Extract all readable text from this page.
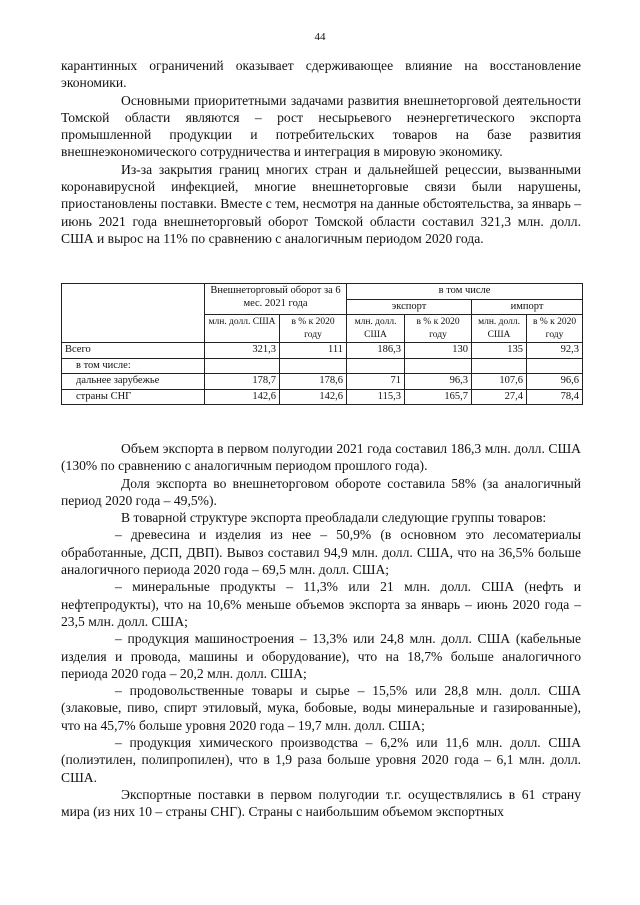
44

карантинных ограничений оказывает сдерживающее влияние на восстановление экономики.

Основными приоритетными задачами развития внешнеторговой деятельности Томской области являются – рост несырьевого неэнергетического экспорта промышленной продукции и потребительских товаров на базе развития внешнеэкономического сотрудничества и интеграция в мировую экономику.

Из-за закрытия границ многих стран и дальнейшей рецессии, вызванными коронавирусной инфекцией, многие внешнеторговые связи были нарушены, приостановлены поставки. Вместе с тем, несмотря на данные обстоятельства, за январь – июнь 2021 года внешнеторговый оборот Томской области составил 321,3 млн. долл. США и вырос на 11% по сравнению с аналогичным периодом 2020 года.

	Внешнеторговый оборот за 6 мес. 2021 года		в том числе			
			экспорт		импорт	
	млн. долл. США	в % к 2020 году	млн. долл. США	в % к 2020 году	млн. долл. США	в % к 2020 году
Всего	321,3	111	186,3	130	135	92,3
в том числе:						
дальнее зарубежье	178,7	178,6	71	96,3	107,6	96,6
страны СНГ	142,6	142,6	115,3	165,7	27,4	78,4

Объем экспорта в первом полугодии 2021 года составил 186,3 млн. долл. США (130% по сравнению с аналогичным периодом прошлого года).

Доля экспорта во внешнеторговом обороте составила 58% (за аналогичный период 2020 года – 49,5%).

В товарной структуре экспорта преобладали следующие группы товаров:

– древесина и изделия из нее – 50,9% (в основном это лесоматериалы обработанные, ДСП, ДВП). Вывоз составил 94,9 млн. долл. США, что на 36,5% больше аналогичного периода 2020 года – 69,5 млн. долл. США;

– минеральные продукты – 11,3% или 21 млн. долл. США (нефть и нефтепродукты), что на 10,6% меньше объемов экспорта за январь – июнь 2020 года – 23,5 млн. долл. США;

– продукция машиностроения – 13,3% или 24,8 млн. долл. США (кабельные изделия и провода, машины и оборудование), что на 18,7% больше аналогичного периода 2020 года – 20,2 млн. долл. США;

– продовольственные товары и сырье – 15,5% или 28,8 млн. долл. США (злаковые, пиво, спирт этиловый, мука, бобовые, воды минеральные и газированные), что на 45,7% больше уровня 2020 года – 19,7 млн. долл. США;

– продукция химического производства – 6,2% или 11,6 млн. долл. США (полиэтилен, полипропилен), что в 1,9 раза больше уровня 2020 года – 6,1 млн. долл. США.

Экспортные поставки в первом полугодии т.г. осуществлялись в 61 страну мира (из них 10 – страны СНГ). Страны с наибольшим объемом экспортных
